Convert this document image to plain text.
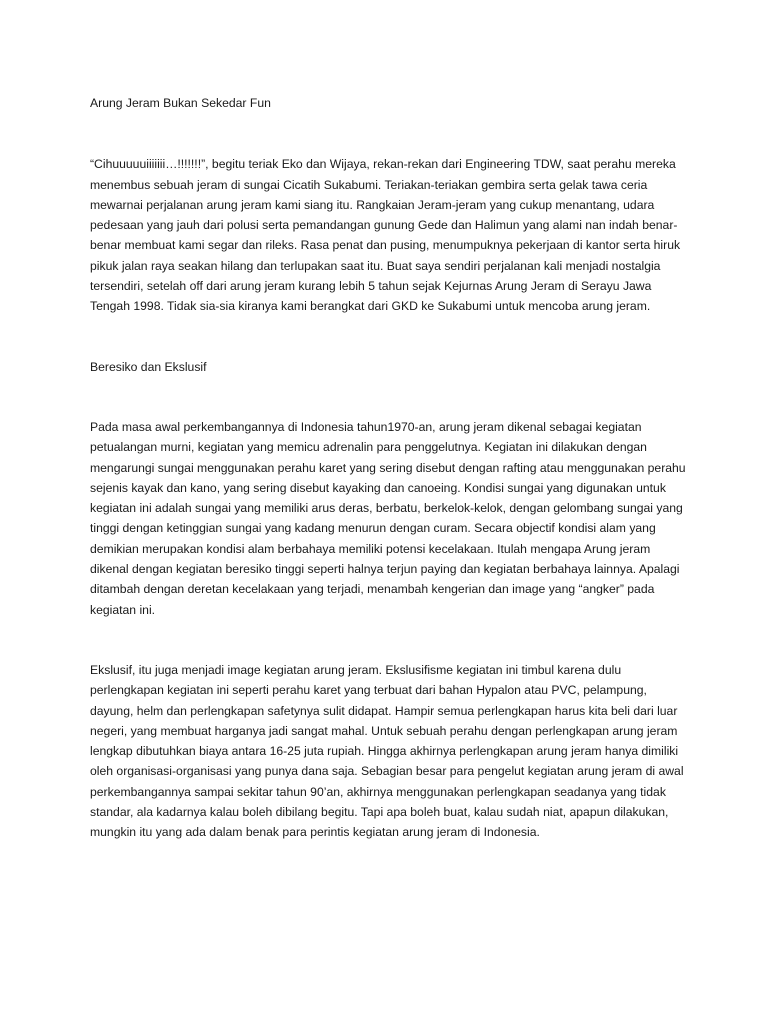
Arung Jeram Bukan Sekedar Fun

“Cihuuuuuiiiiiii…!!!!!!!”, begitu teriak Eko dan Wijaya, rekan-rekan dari Engineering TDW, saat perahu mereka menembus sebuah jeram di sungai Cicatih Sukabumi. Teriakan-teriakan gembira serta gelak tawa ceria mewarnai perjalanan arung jeram kami siang itu. Rangkaian Jeram-jeram yang cukup menantang, udara pedesaan yang jauh dari polusi serta pemandangan gunung Gede dan Halimun yang alami nan indah benar-benar membuat kami segar dan rileks. Rasa penat dan pusing, menumpuknya pekerjaan di kantor serta hiruk pikuk jalan raya seakan hilang dan terlupakan saat itu. Buat saya sendiri perjalanan kali menjadi nostalgia tersendiri, setelah off dari arung jeram kurang lebih 5 tahun sejak Kejurnas Arung Jeram di Serayu Jawa Tengah 1998. Tidak sia-sia kiranya kami berangkat dari GKD ke Sukabumi untuk mencoba arung jeram.

Beresiko dan Ekslusif

Pada masa awal perkembangannya di Indonesia tahun1970-an, arung jeram dikenal sebagai kegiatan petualangan murni, kegiatan yang memicu adrenalin para penggelutnya. Kegiatan ini dilakukan dengan mengarungi sungai menggunakan perahu karet yang sering disebut dengan rafting atau menggunakan perahu sejenis kayak dan kano, yang sering disebut kayaking dan canoeing. Kondisi sungai yang digunakan untuk kegiatan ini adalah sungai yang memiliki arus deras, berbatu, berkelok-kelok, dengan gelombang sungai yang tinggi dengan ketinggian sungai yang kadang menurun dengan curam. Secara objectif kondisi alam yang demikian merupakan kondisi alam berbahaya memiliki potensi kecelakaan. Itulah mengapa Arung jeram dikenal dengan kegiatan beresiko tinggi seperti halnya terjun paying dan kegiatan berbahaya lainnya. Apalagi ditambah dengan deretan kecelakaan yang terjadi, menambah kengerian dan image yang “angker” pada kegiatan ini.

Ekslusif, itu juga menjadi image kegiatan arung jeram. Ekslusifisme kegiatan ini timbul karena dulu perlengkapan kegiatan ini seperti perahu karet yang terbuat dari bahan Hypalon atau PVC, pelampung, dayung, helm dan perlengkapan safetynya sulit didapat. Hampir semua perlengkapan harus kita beli dari luar negeri, yang membuat harganya jadi sangat mahal. Untuk sebuah perahu dengan perlengkapan arung jeram lengkap dibutuhkan biaya antara 16-25 juta rupiah. Hingga akhirnya perlengkapan arung jeram hanya dimiliki oleh organisasi-organisasi yang punya dana saja. Sebagian besar para pengelut kegiatan arung jeram di awal perkembangannya sampai sekitar tahun 90’an, akhirnya menggunakan perlengkapan seadanya yang tidak standar, ala kadarnya kalau boleh dibilang begitu. Tapi apa boleh buat, kalau sudah niat, apapun dilakukan, mungkin itu yang ada dalam benak para perintis kegiatan arung jeram di Indonesia.
